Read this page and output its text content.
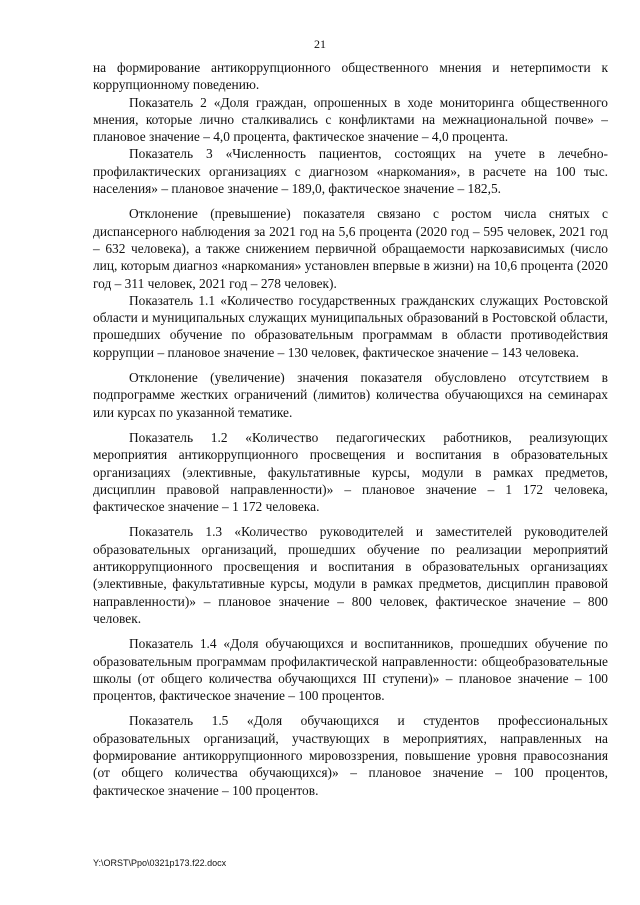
21

на формирование антикоррупционного общественного мнения и нетерпимости к коррупционному поведению.

Показатель 2 «Доля граждан, опрошенных в ходе мониторинга общественного мнения, которые лично сталкивались с конфликтами на межнациональной почве» – плановое значение – 4,0 процента, фактическое значение – 4,0 процента.

Показатель 3 «Численность пациентов, состоящих на учете в лечебно-профилактических организациях с диагнозом «наркомания», в расчете на 100 тыс. населения» – плановое значение – 189,0, фактическое значение – 182,5.

Отклонение (превышение) показателя связано с ростом числа снятых с диспансерного наблюдения за 2021 год на 5,6 процента (2020 год – 595 человек, 2021 год – 632 человека), а также снижением первичной обращаемости наркозависимых (число лиц, которым диагноз «наркомания» установлен впервые в жизни) на 10,6 процента (2020 год – 311 человек, 2021 год – 278 человек).

Показатель 1.1 «Количество государственных гражданских служащих Ростовской области и муниципальных служащих муниципальных образований в Ростовской области, прошедших обучение по образовательным программам в области противодействия коррупции – плановое значение – 130 человек, фактическое значение – 143 человека.

Отклонение (увеличение) значения показателя обусловлено отсутствием в подпрограмме жестких ограничений (лимитов) количества обучающихся на семинарах или курсах по указанной тематике.

Показатель 1.2 «Количество педагогических работников, реализующих мероприятия антикоррупционного просвещения и воспитания в образовательных организациях (элективные, факультативные курсы, модули в рамках предметов, дисциплин правовой направленности)» – плановое значение – 1 172 человека, фактическое значение – 1 172 человека.

Показатель 1.3 «Количество руководителей и заместителей руководителей образовательных организаций, прошедших обучение по реализации мероприятий антикоррупционного просвещения и воспитания в образовательных организациях (элективные, факультативные курсы, модули в рамках предметов, дисциплин правовой направленности)» – плановое значение – 800 человек, фактическое значение – 800 человек.

Показатель 1.4 «Доля обучающихся и воспитанников, прошедших обучение по образовательным программам профилактической направленности: общеобразовательные школы (от общего количества обучающихся III ступени)» – плановое значение – 100 процентов, фактическое значение – 100 процентов.

Показатель 1.5 «Доля обучающихся и студентов профессиональных образовательных организаций, участвующих в мероприятиях, направленных на формирование антикоррупционного мировоззрения, повышение уровня правосознания (от общего количества обучающихся)» – плановое значение – 100 процентов, фактическое значение – 100 процентов.

Y:\ORST\Ppo\0321p173.f22.docx
